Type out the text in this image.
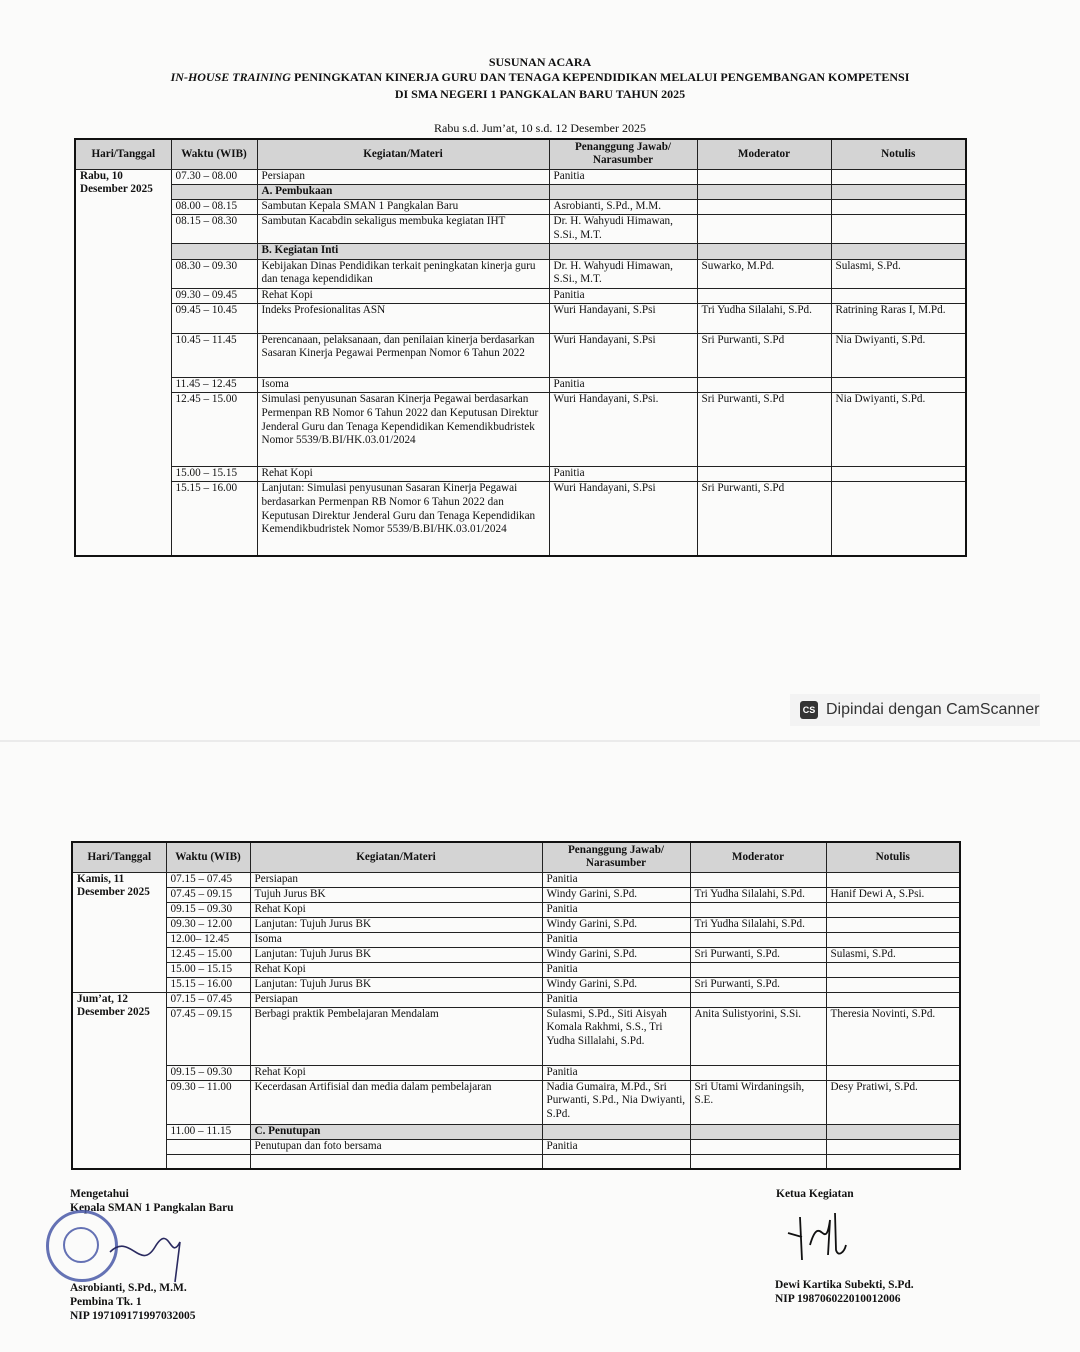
SUSUNAN ACARA
IN-HOUSE TRAINING PENINGKATAN KINERJA GURU DAN TENAGA KEPENDIDIKAN MELALUI PENGEMBANGAN KOMPETENSI
DI SMA NEGERI 1 PANGKALAN BARU TAHUN 2025
Rabu s.d. Jum’at, 10 s.d. 12 Desember 2025
Hari/Tanggal	Waktu (WIB)	Kegiatan/Materi	Penanggung Jawab/ Narasumber	Moderator	Notulis
Rabu, 10 Desember 2025	07.30 – 08.00	Persiapan	Panitia		
		A. Pembukaan			
	08.00 – 08.15	Sambutan Kepala SMAN 1 Pangkalan Baru	Asrobianti, S.Pd., M.M.		
	08.15 – 08.30	Sambutan Kacabdin sekaligus membuka kegiatan IHT	Dr. H. Wahyudi Himawan, S.Si., M.T.		
		B. Kegiatan Inti			
	08.30 – 09.30	Kebijakan Dinas Pendidikan terkait peningkatan kinerja guru dan tenaga kependidikan	Dr. H. Wahyudi Himawan, S.Si., M.T.	Suwarko, M.Pd.	Sulasmi, S.Pd.
	09.30 – 09.45	Rehat Kopi	Panitia		
	09.45 – 10.45	Indeks Profesionalitas ASN	Wuri Handayani, S.Psi	Tri Yudha Silalahi, S.Pd.	Ratrining Raras I, M.Pd.
	10.45 – 11.45	Perencanaan, pelaksanaan, dan penilaian kinerja berdasarkan Sasaran Kinerja Pegawai Permenpan Nomor 6 Tahun 2022	Wuri Handayani, S.Psi	Sri Purwanti, S.Pd	Nia Dwiyanti, S.Pd.
	11.45 – 12.45	Isoma	Panitia		
	12.45 – 15.00	Simulasi penyusunan Sasaran Kinerja Pegawai berdasarkan Permenpan RB Nomor 6 Tahun 2022 dan Keputusan Direktur Jenderal Guru dan Tenaga Kependidikan Kemendikbudristek Nomor 5539/B.BI/HK.03.01/2024	Wuri Handayani, S.Psi.	Sri Purwanti, S.Pd	Nia Dwiyanti, S.Pd.
	15.00 – 15.15	Rehat Kopi	Panitia		
	15.15 – 16.00	Lanjutan: Simulasi penyusunan Sasaran Kinerja Pegawai berdasarkan Permenpan RB Nomor 6 Tahun 2022 dan Keputusan Direktur Jenderal Guru dan Tenaga Kependidikan Kemendikbudristek Nomor 5539/B.BI/HK.03.01/2024	Wuri Handayani, S.Psi	Sri Purwanti, S.Pd	
CS Dipindai dengan CamScanner
Hari/Tanggal	Waktu (WIB)	Kegiatan/Materi	Penanggung Jawab/ Narasumber	Moderator	Notulis
Kamis, 11 Desember 2025	07.15 – 07.45	Persiapan	Panitia		
	07.45 – 09.15	Tujuh Jurus BK	Windy Garini, S.Pd.	Tri Yudha Silalahi, S.Pd.	Hanif Dewi A, S.Psi.
	09.15 – 09.30	Rehat Kopi	Panitia		
	09.30 – 12.00	Lanjutan: Tujuh Jurus BK	Windy Garini, S.Pd.	Tri Yudha Silalahi, S.Pd.	
	12.00– 12.45	Isoma	Panitia		
	12.45 – 15.00	Lanjutan: Tujuh Jurus BK	Windy Garini, S.Pd.	Sri Purwanti, S.Pd.	Sulasmi, S.Pd.
	15.00 – 15.15	Rehat Kopi	Panitia		
	15.15 – 16.00	Lanjutan: Tujuh Jurus BK	Windy Garini, S.Pd.	Sri Purwanti, S.Pd.	
Jum’at, 12 Desember 2025	07.15 – 07.45	Persiapan	Panitia		
	07.45 – 09.15	Berbagi praktik Pembelajaran Mendalam	Sulasmi, S.Pd., Siti Aisyah Komala Rakhmi, S.S., Tri Yudha Sillalahi, S.Pd.	Anita Sulistyorini, S.Si.	Theresia Novinti, S.Pd.
	09.15 – 09.30	Rehat Kopi	Panitia		
	09.30 – 11.00	Kecerdasan Artifisial dan media dalam pembelajaran	Nadia Gumaira, M.Pd., Sri Purwanti, S.Pd., Nia Dwiyanti, S.Pd.	Sri Utami Wirdaningsih, S.E.	Desy Pratiwi, S.Pd.
	11.00 – 11.15	C. Penutupan			
		Penutupan dan foto bersama	Panitia		

Mengetahui
Kepala SMAN 1 Pangkalan Baru
Asrobianti, S.Pd., M.M.
Pembina Tk. 1
NIP 197109171997032005
Ketua Kegiatan
Dewi Kartika Subekti, S.Pd.
NIP 198706022010012006
